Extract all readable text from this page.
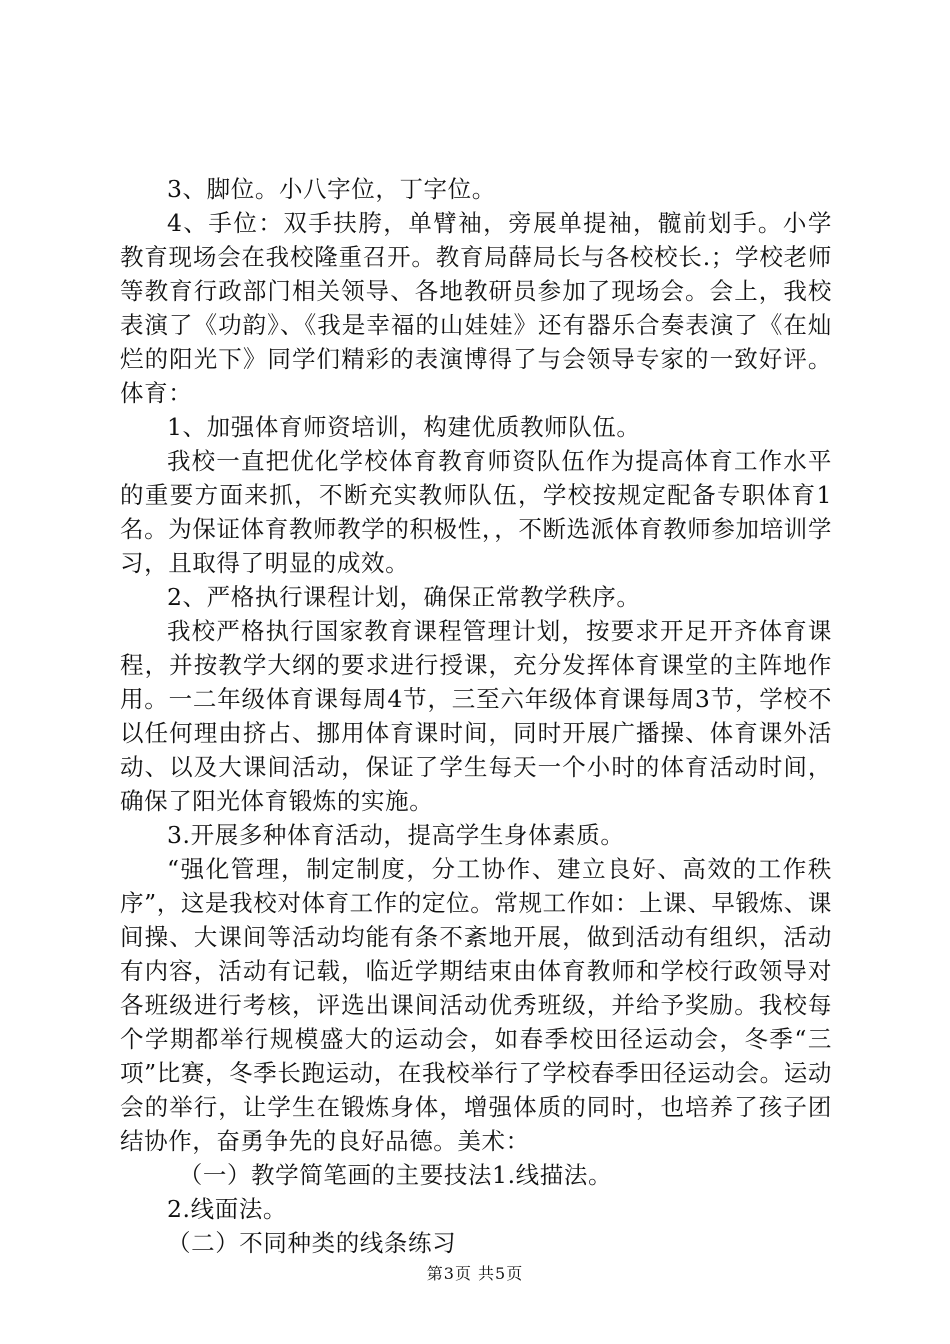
3、脚位。小八字位，丁字位。

4、手位：双手扶胯，单臂袖，旁展单提袖，髋前划手。小学教育现场会在我校隆重召开。教育局薛局长与各校校长.；学校老师等教育行政部门相关领导、各地教研员参加了现场会。会上，我校表演了《功韵》、《我是幸福的山娃娃》还有器乐合奏表演了《在灿烂的阳光下》同学们精彩的表演博得了与会领导专家的一致好评。体育：

1、加强体育师资培训，构建优质教师队伍。

我校一直把优化学校体育教育师资队伍作为提高体育工作水平的重要方面来抓，不断充实教师队伍，学校按规定配备专职体育1名。为保证体育教师教学的积极性，，不断选派体育教师参加培训学习，且取得了明显的成效。

2、严格执行课程计划，确保正常教学秩序。

我校严格执行国家教育课程管理计划，按要求开足开齐体育课程，并按教学大纲的要求进行授课，充分发挥体育课堂的主阵地作用。一二年级体育课每周4节，三至六年级体育课每周3节，学校不以任何理由挤占、挪用体育课时间，同时开展广播操、体育课外活动、以及大课间活动，保证了学生每天一个小时的体育活动时间，确保了阳光体育锻炼的实施。

3.开展多种体育活动，提高学生身体素质。

“强化管理，制定制度，分工协作、建立良好、高效的工作秩序”，这是我校对体育工作的定位。常规工作如：上课、早锻炼、课间操、大课间等活动均能有条不紊地开展，做到活动有组织，活动有内容，活动有记载，临近学期结束由体育教师和学校行政领导对各班级进行考核，评选出课间活动优秀班级，并给予奖励。我校每个学期都举行规模盛大的运动会，如春季校田径运动会，冬季“三项”比赛，冬季长跑运动，在我校举行了学校春季田径运动会。运动会的举行，让学生在锻炼身体，增强体质的同时，也培养了孩子团结协作，奋勇争先的良好品德。美术：

（一）教学简笔画的主要技法1.线描法。

2.线面法。

（二）不同种类的线条练习

第3页 共5页
